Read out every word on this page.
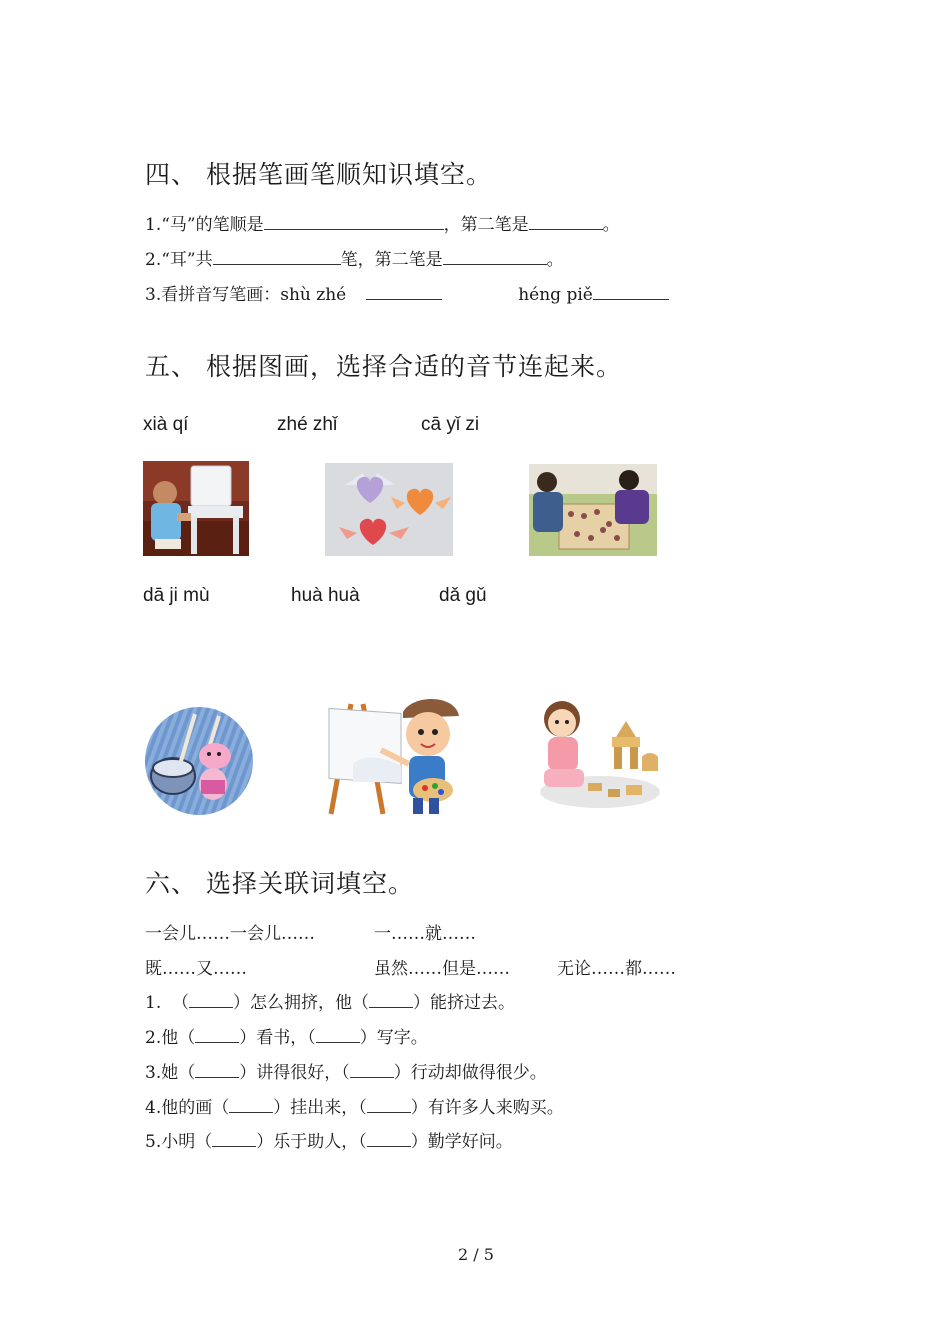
四、 根据笔画笔顺知识填空。
1.“马”的笔顺是	，第二笔是	。
2.“耳”共	笔，第二笔是	。
3.看拼音写笔画：shù zhé	héng piě
五、 根据图画，选择合适的音节连起来。
xià qí	zhé zhǐ	cā yǐ zi
dā ji mù	huà huà	dǎ gǔ
六、 选择关联词填空。
一会儿……一会儿……	一……就……
既……又……	虽然……但是……	无论……都……
1. （	）怎么拥挤，他（	）能挤过去。
2.他（	）看书，（	）写字。
3.她（	）讲得很好，（	）行动却做得很少。
4.他的画（	）挂出来，（	）有许多人来购买。
5.小明（	）乐于助人，（	）勤学好问。
2 / 5
